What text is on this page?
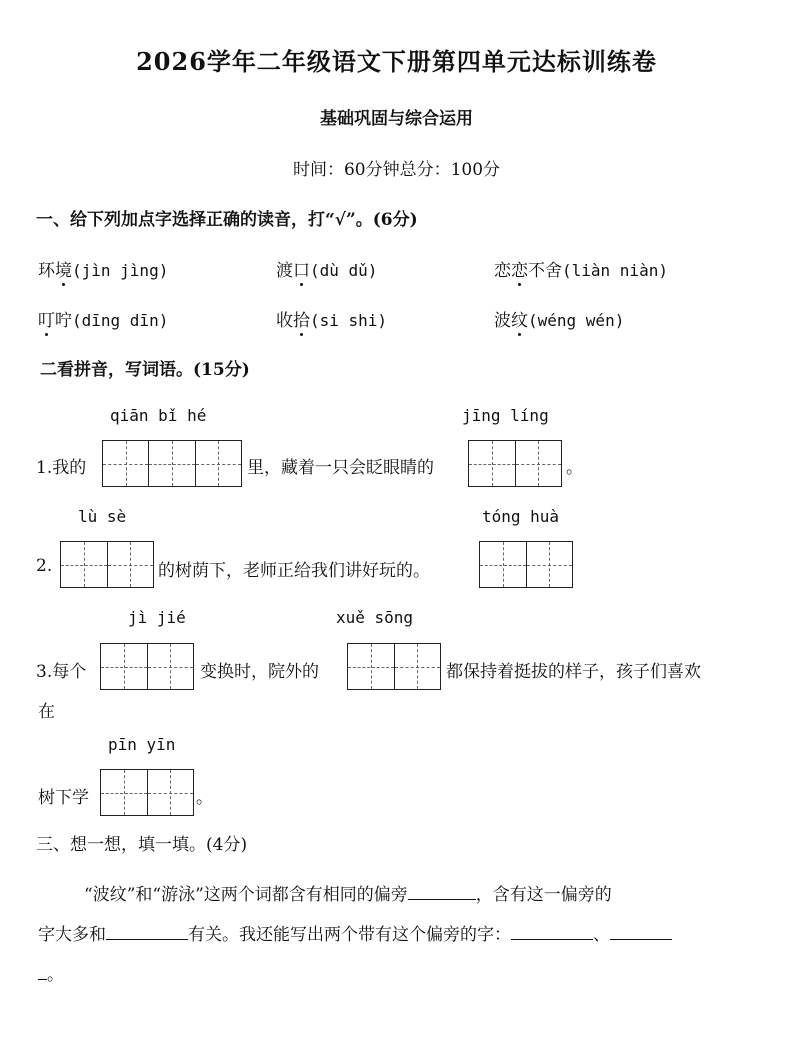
2026学年二年级语文下册第四单元达标训练卷
基础巩固与综合运用
时间：60分钟总分：100分
一、给下列加点字选择正确的读音，打“√”。(6分)
环境(jìn jìng)	渡口(dù dǔ)	恋恋不舍(liàn niàn)
叮咛(dīng dīn)	收拾(si shi)	波纹(wéng wén)
二看拼音，写词语。(15分)
qiān bǐ hé	jīng líng
1.我的	里，藏着一只会眨眼睛的	。
lù sè	tóng huà
2.	的树荫下，老师正给我们讲好玩的。
jì jié	xuě sōng
3.每个	变换时，院外的	都保持着挺拔的样子，孩子们喜欢
在
pīn yīn
树下学	。
三、想一想，填一填。(4分)
“波纹”和“游泳”这两个词都含有相同的偏旁	，含有这一偏旁的
字大多和	有关。我还能写出两个带有这个偏旁的字：	、
。
